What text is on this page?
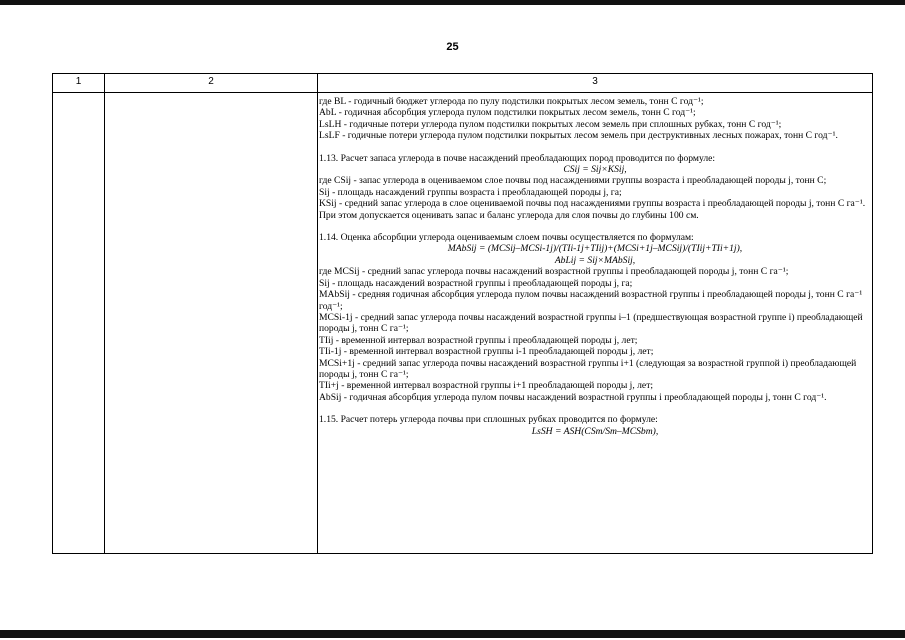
25
1	2	3

где BL - годичный бюджет углерода по пулу подстилки покрытых лесом земель, тонн С год⁻¹;

AbL - годичная абсорбция углерода пулом подстилки покрытых лесом земель, тонн С год⁻¹;

LsLH - годичные потери углерода пулом подстилки покрытых лесом земель при сплошных рубках, тонн С год⁻¹;

LsLF - годичные потери углерода пулом подстилки покрытых лесом земель при деструктивных лесных пожарах, тонн С год⁻¹.

1.13. Расчет запаса углерода в почве насаждений преобладающих пород проводится по формуле:

CSij = Sij×KSij,

где CSij - запас углерода в оцениваемом слое почвы под насаждениями группы возраста i преобладающей породы j, тонн С;

Sij - площадь насаждений группы возраста i преобладающей породы j, га;

KSij - средний запас углерода в слое оцениваемой почвы под насаждениями группы возраста i преобладающей породы j, тонн С га⁻¹. При этом допускается оценивать запас и баланс углерода для слоя почвы до глубины 100 см.

1.14. Оценка абсорбции углерода оцениваемым слоем почвы осуществляется по формулам:

MAbSij = (MCSij–MCSi-1j)/(TIi-1j+TIij)+(MCSi+1j–MCSij)/(TIij+TIi+1j),

AbLij = Sij×MAbSij,

где MCSij - средний запас углерода почвы насаждений возрастной группы i преобладающей породы j, тонн С га⁻¹;

Sij - площадь насаждений возрастной группы i преобладающей породы j, га;

MAbSij - средняя годичная абсорбция углерода пулом почвы насаждений возрастной группы i преобладающей породы j, тонн С га⁻¹ год⁻¹;

MCSi-1j - средний запас углерода почвы насаждений возрастной группы i–1 (предшествующая возрастной группе i) преобладающей породы j, тонн С га⁻¹;

TIij - временной интервал возрастной группы i преобладающей породы j, лет;

TIi-1j - временной интервал возрастной группы i-1 преобладающей породы j, лет;

MCSi+1j - средний запас углерода почвы насаждений возрастной группы i+1 (следующая за возрастной группой i) преобладающей породы j, тонн С га⁻¹;

TIi+j - временной интервал возрастной группы i+1 преобладающей породы j, лет;

AbSij - годичная абсорбция углерода пулом почвы насаждений возрастной группы i преобладающей породы j, тонн С год⁻¹.

1.15. Расчет потерь углерода почвы при сплошных рубках проводится по формуле:

LsSH = ASH(CSm/Sm–MCSbm),
